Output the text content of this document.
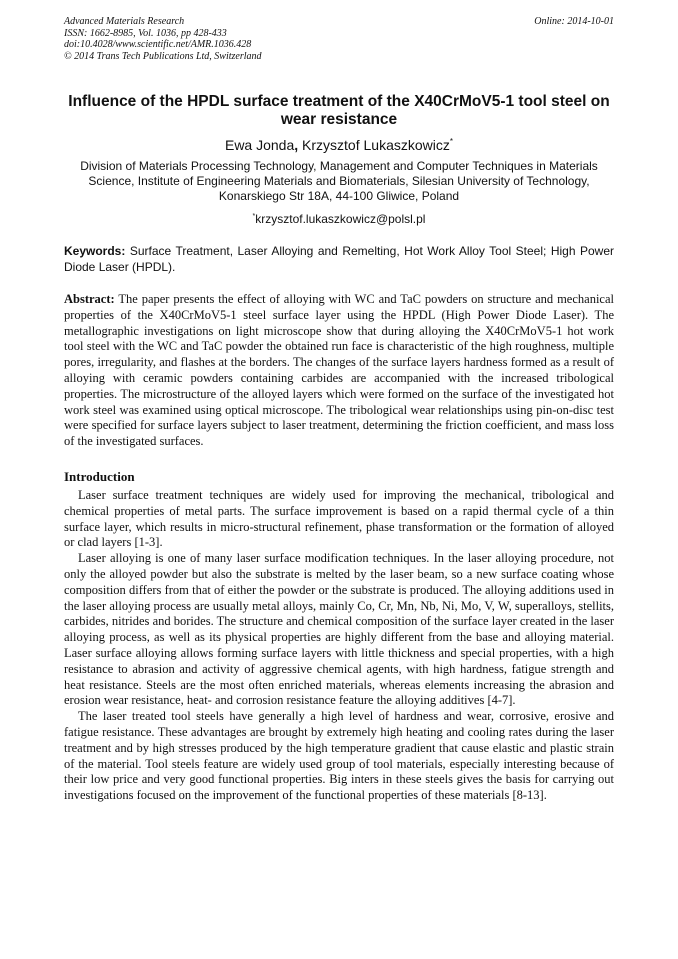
Advanced Materials Research
ISSN: 1662-8985, Vol. 1036, pp 428-433
doi:10.4028/www.scientific.net/AMR.1036.428
© 2014 Trans Tech Publications Ltd, Switzerland
Online: 2014-10-01
Influence of the HPDL surface treatment of the X40CrMoV5-1 tool steel on wear resistance
Ewa Jonda, Krzysztof Lukaszkowicz*
Division of Materials Processing Technology, Management and Computer Techniques in Materials Science, Institute of Engineering Materials and Biomaterials, Silesian University of Technology, Konarskiego Str 18A, 44-100 Gliwice, Poland
*krzysztof.lukaszkowicz@polsl.pl
Keywords: Surface Treatment, Laser Alloying and Remelting, Hot Work Alloy Tool Steel; High Power Diode Laser (HPDL).
Abstract: The paper presents the effect of alloying with WC and TaC powders on structure and mechanical properties of the X40CrMoV5-1 steel surface layer using the HPDL (High Power Diode Laser). The metallographic investigations on light microscope show that during alloying the X40CrMoV5-1 hot work tool steel with the WC and TaC powder the obtained run face is characteristic of the high roughness, multiple pores, irregularity, and flashes at the borders. The changes of the surface layers hardness formed as a result of alloying with ceramic powders containing carbides are accompanied with the increased tribological properties. The microstructure of the alloyed layers which were formed on the surface of the investigated hot work steel was examined using optical microscope. The tribological wear relationships using pin-on-disc test were specified for surface layers subject to laser treatment, determining the friction coefficient, and mass loss of the investigated surfaces.
Introduction

Laser surface treatment techniques are widely used for improving the mechanical, tribological and chemical properties of metal parts. The surface improvement is based on a rapid thermal cycle of a thin surface layer, which results in micro-structural refinement, phase transformation or the formation of alloyed or clad layers [1-3].

Laser alloying is one of many laser surface modification techniques. In the laser alloying procedure, not only the alloyed powder but also the substrate is melted by the laser beam, so a new surface coating whose composition differs from that of either the powder or the substrate is produced. The alloying additions used in the laser alloying process are usually metal alloys, mainly Co, Cr, Mn, Nb, Ni, Mo, V, W, superalloys, stellits, carbides, nitrides and borides. The structure and chemical composition of the surface layer created in the laser alloying process, as well as its physical properties are highly different from the base and alloying material. Laser surface alloying allows forming surface layers with little thickness and special properties, with a high resistance to abrasion and activity of aggressive chemical agents, with high hardness, fatigue strength and heat resistance. Steels are the most often enriched materials, whereas elements increasing the abrasion and erosion wear resistance, heat- and corrosion resistance feature the alloying additives [4-7].

The laser treated tool steels have generally a high level of hardness and wear, corrosive, erosive and fatigue resistance. These advantages are brought by extremely high heating and cooling rates during the laser treatment and by high stresses produced by the high temperature gradient that cause elastic and plastic strain of the material. Tool steels feature are widely used group of tool materials, especially interesting because of their low price and very good functional properties. Big inters in these steels gives the basis for carrying out investigations focused on the improvement of the functional properties of these materials [8-13].
